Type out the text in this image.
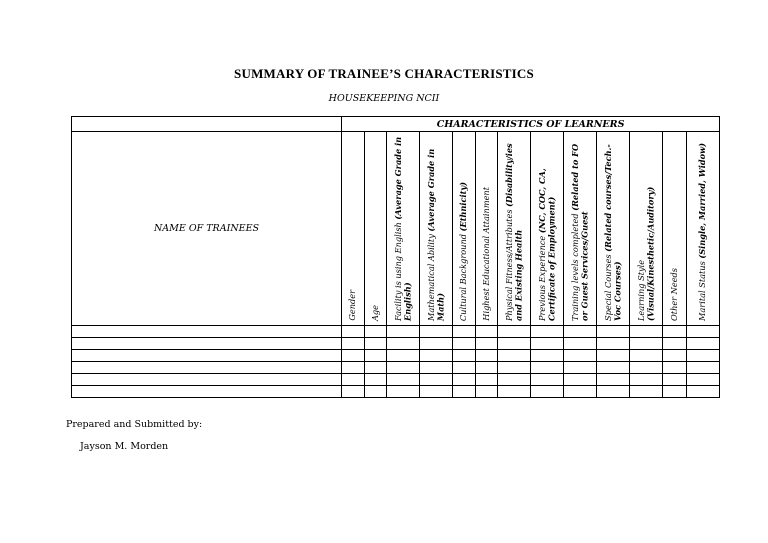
SUMMARY OF TRAINEE’S CHARACTERISTICS
HOUSEKEEPING NCII
	CHARACTERISTICS OF LEARNERS												
NAME OF TRAINEES	Gender	Age	Facility is using English (Average Grade in English)	Mathematical Ability (Average Grade in Math)	Cultural Background (Ethnicity)	Highest Educational Attainment	Physical Fitness/Attributes (Disability/ies and Existing Health	Previous Experience (NC, COC, CA, Certificate of Employment)	Training levels completed (Related to FO or Guest Services/Guest	Special Courses (Related courses/Tech.-Voc Courses)	Learning Style (Visual/Kinesthetic/Auditory)	Other Needs	Marital Status (Single, Married, Widow)

Prepared and Submitted by:
Jayson M. Morden
